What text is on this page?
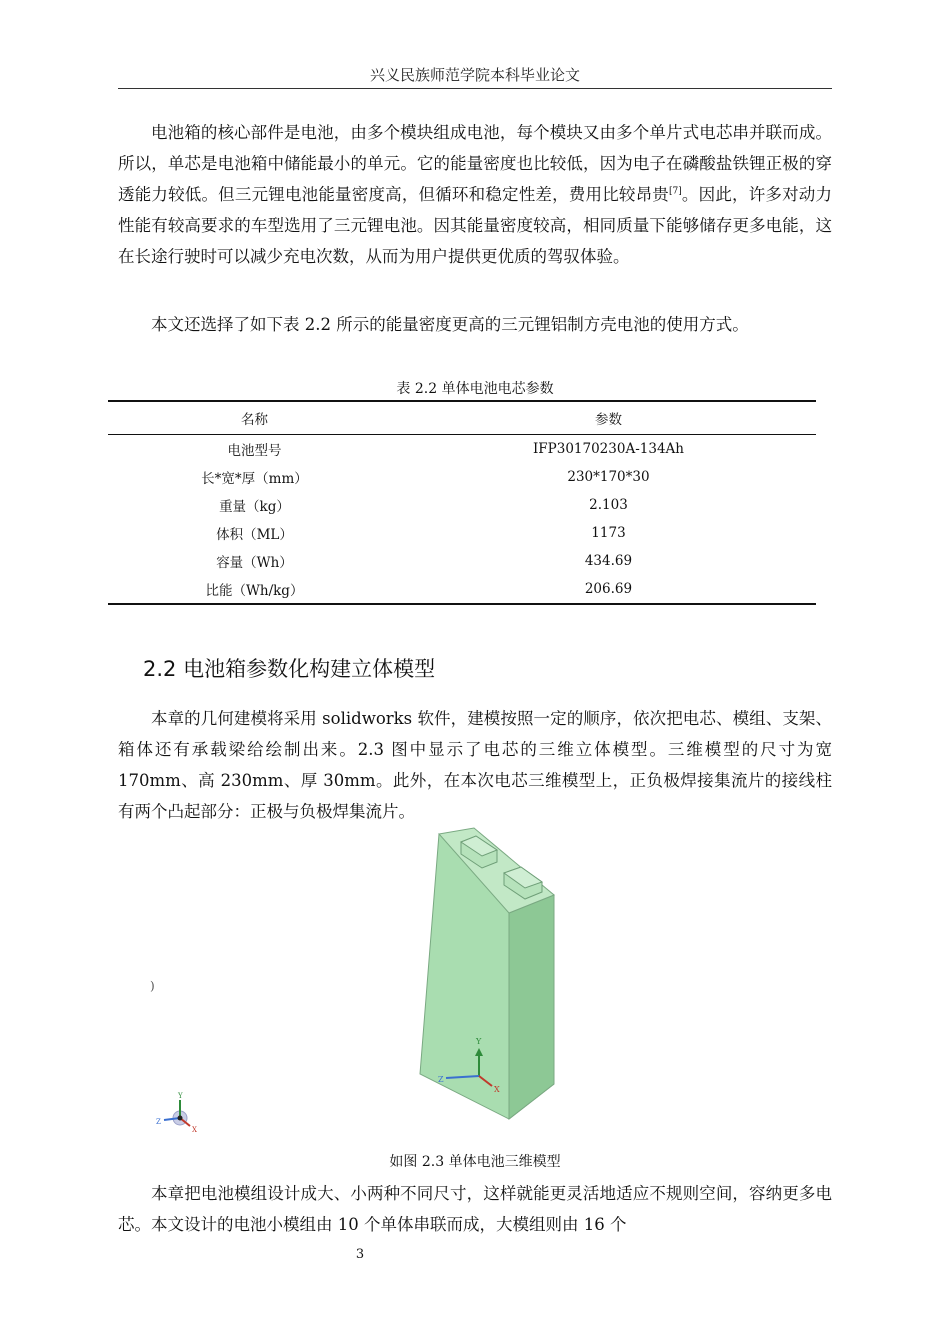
兴义民族师范学院本科毕业论文

电池箱的核心部件是电池，由多个模块组成电池，每个模块又由多个单片式电芯串并联而成。所以，单芯是电池箱中储能最小的单元。它的能量密度也比较低，因为电子在磷酸盐铁锂正极的穿透能力较低。但三元锂电池能量密度高，但循环和稳定性差，费用比较昂贵[7]。因此，许多对动力性能有较高要求的车型选用了三元锂电池。因其能量密度较高，相同质量下能够储存更多电能，这在长途行驶时可以减少充电次数，从而为用户提供更优质的驾驭体验。

本文还选择了如下表 2.2 所示的能量密度更高的三元锂铝制方壳电池的使用方式。

表 2.2 单体电池电芯参数
名称	参数
电池型号	IFP30170230A-134Ah
长*宽*厚（mm）	230*170*30
重量（kg）	2.103
体积（ML）	1173
容量（Wh）	434.69
比能（Wh/kg）	206.69
2.2 电池箱参数化构建立体模型

本章的几何建模将采用 solidworks 软件，建模按照一定的顺序，依次把电芯、模组、支架、箱体还有承载梁给绘制出来。2.3 图中显示了电芯的三维立体模型。三维模型的尺寸为宽 170mm、高 230mm、厚 30mm。此外，在本次电芯三维模型上，正负极焊接集流片的接线柱有两个凸起部分：正极与负极焊集流片。

)
Y
Z
X
Y
Z
X
如图 2.3 单体电池三维模型

本章把电池模组设计成大、小两种不同尺寸，这样就能更灵活地适应不规则空间，容纳更多电芯。本文设计的电池小模组由 10 个单体串联而成，大模组则由 16 个

3
